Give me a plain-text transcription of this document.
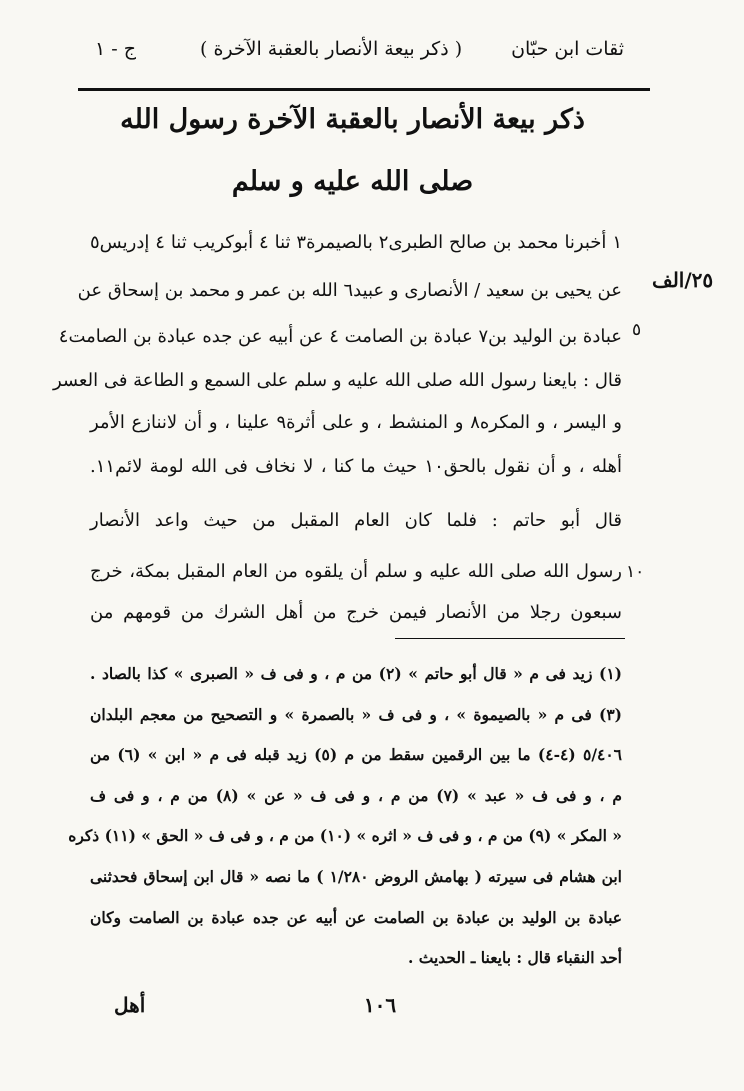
ثقات ابن حبّان
( ذكر بيعة الأنصار بالعقبة الآخرة )
ج - ١
ذكر بيعة الأنصار بالعقبة الآخرة رسول الله
صلى الله عليه و سلم
٢٥/الف
٥
١٠
١ أخبرنا محمد بن صالح الطبرى٢ بالصيمرة٣ ثنا ٤ أبوكريب ثنا ٤ إدريس٥
عن يحيى بن سعيد / الأنصارى و عبيد٦ الله بن عمر و محمد بن إسحاق عن
عبادة بن الوليد بن٧ عبادة بن الصامت ٤ عن أبيه عن جده عبادة بن الصامت٤
قال : بايعنا رسول الله صلى الله عليه و سلم على السمع و الطاعة فى العسر
و اليسر ، و المكره٨ و المنشط ، و على أثرة٩ علينا ، و أن لاننازع الأمر
أهله ، و أن نقول بالحق١٠ حيث ما كنا ، لا نخاف فى الله لومة لائم١١.
قال أبو حاتم : فلما كان العام المقبل من حيث واعد الأنصار
رسول الله صلى الله عليه و سلم أن يلقوه من العام المقبل بمكة، خرج
سبعون رجلا من الأنصار فيمن خرج من أهل الشرك من قومهم من
(١) زيد فى م « قال أبو حاتم » (٢) من م ، و فى ف « الصبرى » كذا بالصاد .
(٣) فى م « بالصيموة » ، و فى ف « بالصمرة » و التصحيح من معجم البلدان
٥/٤٠٦ (٤-٤) ما بين الرقمين سقط من م (٥) زيد قبله فى م « ابن » (٦) من
م ، و فى ف « عبد » (٧) من م ، و فى ف « عن » (٨) من م ، و فى ف
« المكر » (٩) من م ، و فى ف « اثره » (١٠) من م ، و فى ف « الحق » (١١) ذكره
ابن هشام فى سيرته ( بهامش الروض ١/٢٨٠ ) ما نصه « قال ابن إسحاق فحدثنى
عبادة بن الوليد بن عبادة بن الصامت عن أبيه عن جده عبادة بن الصامت وكان
أحد النقباء قال : بايعنا ـ الحديث .
١٠٦
أهل
